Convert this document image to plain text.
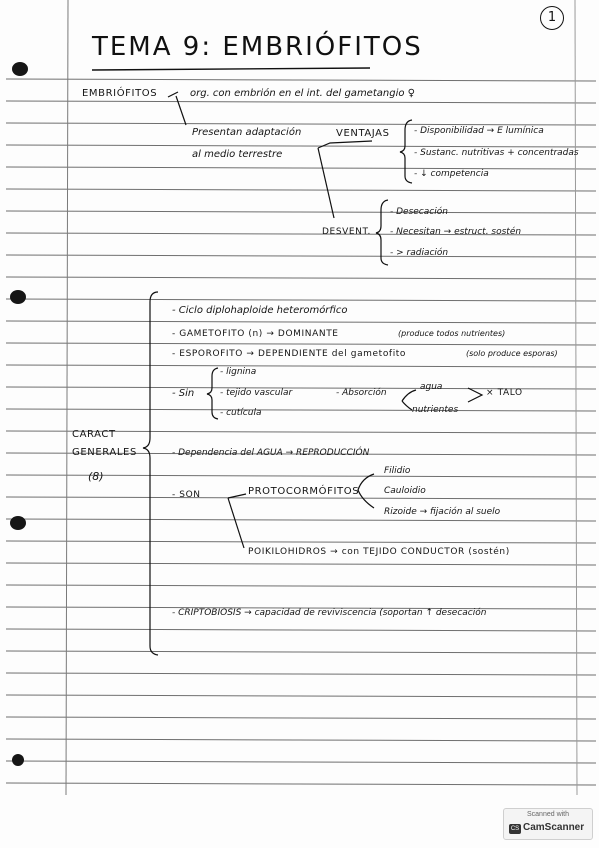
1
TEMA 9: EMBRIÓFITOS
EMBRIÓFITOS	org. con embrión en el int. del gametangio ♀
Presentan adaptación
al medio terrestre
VENTAJAS	- Disponibilidad → E lumínica
- Sustanc. nutritivas + concentradas
- ↓ competencia
DESVENT.
- Desecación
- Necesitan → estruct. sostén
- > radiación
CARACT
GENERALES
(8)
- Ciclo diplohaploide heteromórfico
- GAMETOFITO (n) → DOMINANTE	(produce todos nutrientes)
- ESPOROFITO → DEPENDIENTE del gametofito	(solo produce esporas)
- Sin
- lignina
- tejido vascular
- cutícula
- Absorción
agua
nutrientes
× TALO
- Dependencia del AGUA → REPRODUCCIÓN
- SON	PROTOCORMÓFITOS
Filidio
Cauloidio
Rizoide → fijación al suelo
POIKILOHIDROS → con TEJIDO CONDUCTOR (sostén)
- CRIPTOBIOSIS → capacidad de reviviscencia (soportan ↑ desecación
Scanned with
CS CamScanner
